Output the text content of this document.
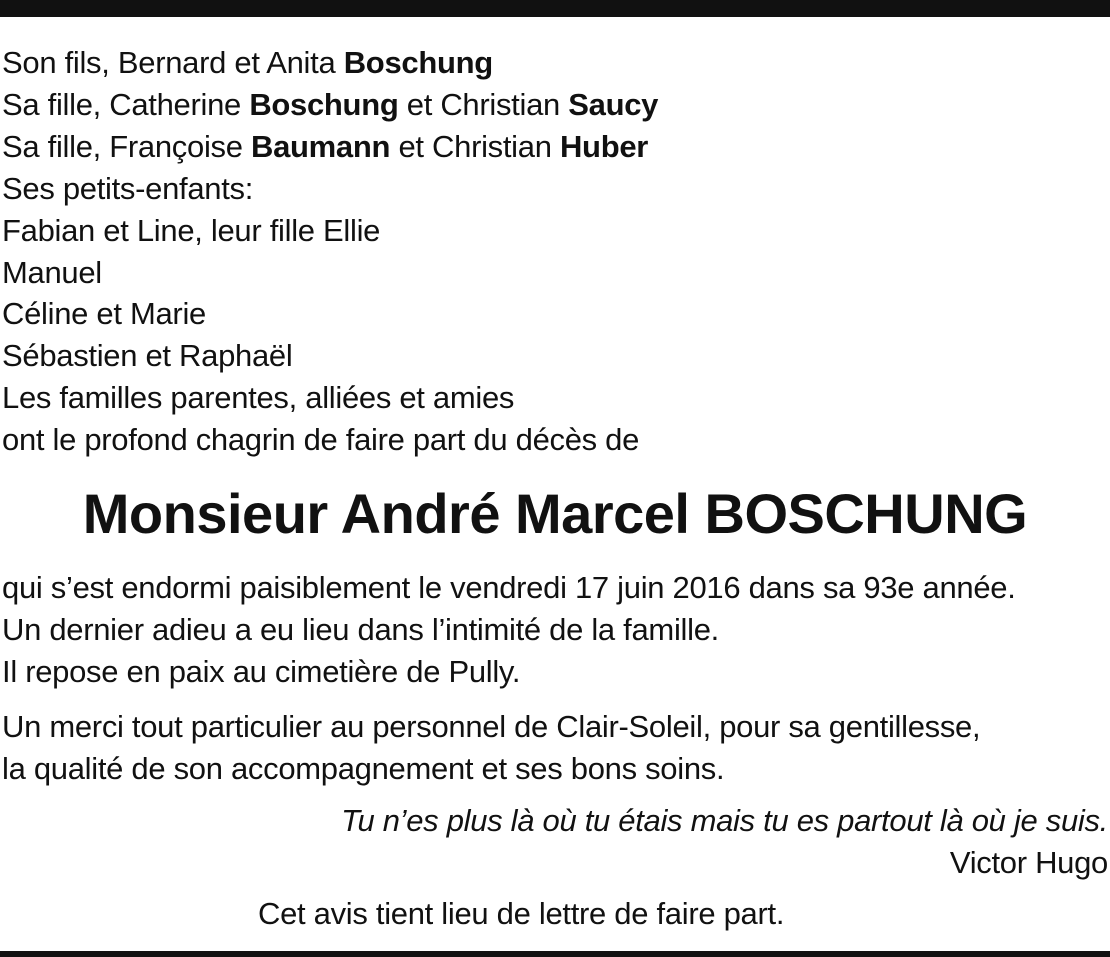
Son fils, Bernard et Anita Boschung
Sa fille, Catherine Boschung et Christian Saucy
Sa fille, Françoise Baumann et Christian Huber
Ses petits-enfants:
Fabian et Line, leur fille Ellie
Manuel
Céline et Marie
Sébastien et Raphaël
Les familles parentes, alliées et amies
ont le profond chagrin de faire part du décès de
Monsieur André Marcel BOSCHUNG
qui s’est endormi paisiblement le vendredi 17 juin 2016 dans sa 93e année.
Un dernier adieu a eu lieu dans l’intimité de la famille.
Il repose en paix au cimetière de Pully.
Un merci tout particulier au personnel de Clair-Soleil, pour sa gentillesse,
la qualité de son accompagnement et ses bons soins.
Tu n’es plus là où tu étais mais tu es partout là où je suis.
Victor Hugo
Cet avis tient lieu de lettre de faire part.
